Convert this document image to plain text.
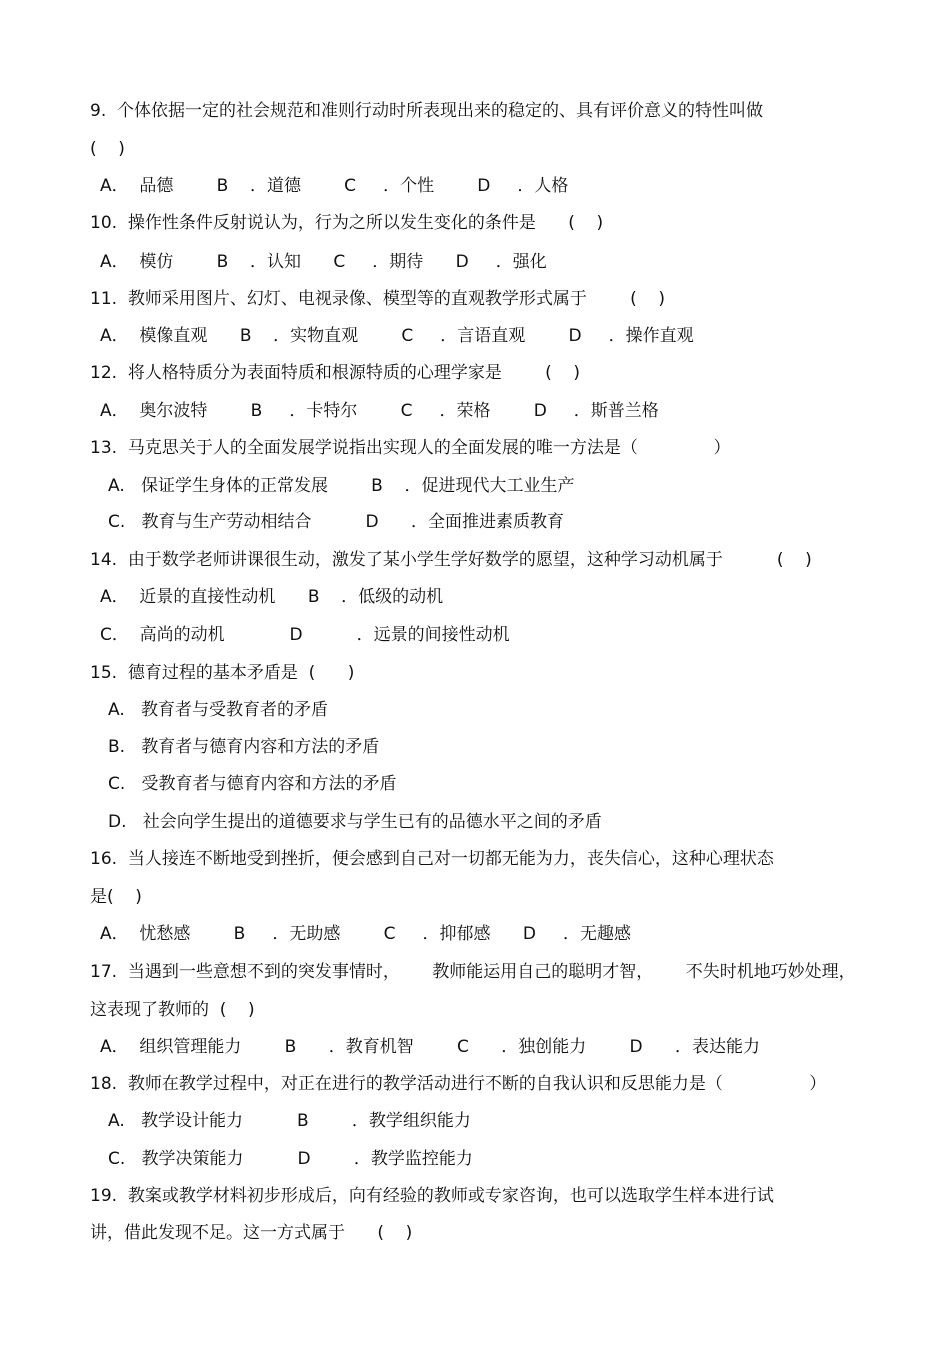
9.  个体依据一定的社会规范和准则行动时所表现出来的稳定的、具有评价意义的特性叫做
(    )
A．  品德        B    ．道德        C     ．个性        D     ．人格
10.  操作性条件反射说认为，行为之所以发生变化的条件是      (    )
A．  模仿        B    ．认知      C     ．期待      D     ．强化
11.  教师采用图片、幻灯、电视录像、模型等的直观教学形式属于        (    )
A．  模像直观      B    ．实物直观        C     ．言语直观        D     ．操作直观
12.  将人格特质分为表面特质和根源特质的心理学家是        (    )
A．  奥尔波特        B     ．卡特尔        C     ．荣格        D     ．斯普兰格
13.  马克思关于人的全面发展学说指出实现人的全面发展的唯一方法是（              ）
A.   保证学生身体的正常发展        B    ．促进现代大工业生产
C.   教育与生产劳动相结合          D      ．全面推进素质教育
14.  由于数学老师讲课很生动，激发了某小学生学好数学的愿望，这种学习动机属于          (    )
A．  近景的直接性动机      B    ．低级的动机
C．  高尚的动机            D          ．远景的间接性动机
15.  德育过程的基本矛盾是  (      )
A.   教育者与受教育者的矛盾
B.   教育者与德育内容和方法的矛盾
C.   受教育者与德育内容和方法的矛盾
D.   社会向学生提出的道德要求与学生已有的品德水平之间的矛盾
16.  当人接连不断地受到挫折，便会感到自己对一切都无能为力，丧失信心，这种心理状态
是(    )
A．  忧愁感        B     ．无助感        C     ．抑郁感      D     ．无趣感
17.  当遇到一些意想不到的突发事情时，      教师能运用自己的聪明才智，      不失时机地巧妙处理，
这表现了教师的  (    )
A．  组织管理能力        B      ．教育机智        C      ．独创能力        D      ．表达能力
18.  教师在教学过程中，对正在进行的教学活动进行不断的自我认识和反思能力是（                ）
A.   教学设计能力          B        ．教学组织能力
C.   教学决策能力          D        ．教学监控能力
19.  教案或教学材料初步形成后，向有经验的教师或专家咨询，也可以选取学生样本进行试
讲，借此发现不足。这一方式属于      (    )
